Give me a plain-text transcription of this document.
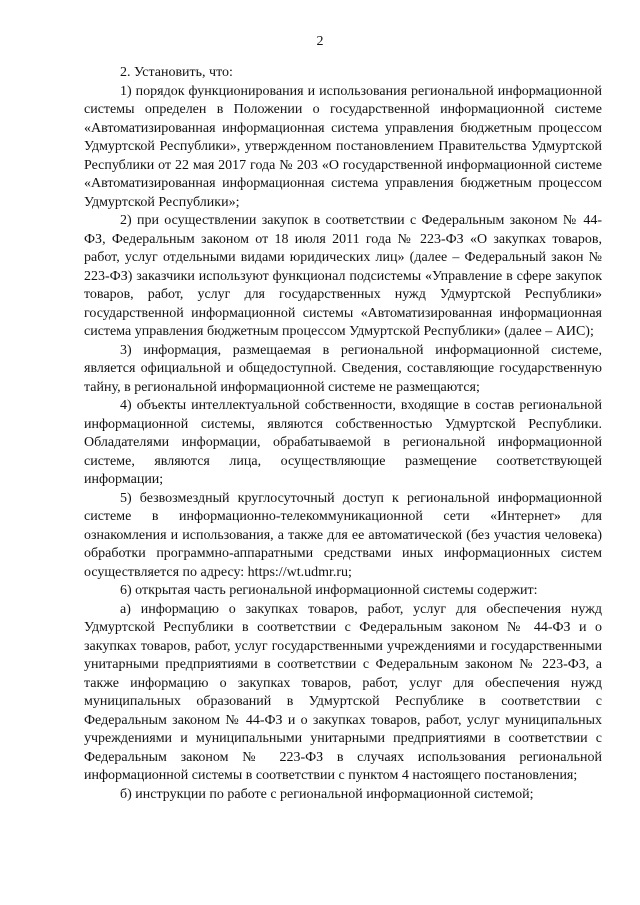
2

2. Установить, что:

1) порядок функционирования и использования региональной информационной системы определен в Положении о государственной информационной системе «Автоматизированная информационная система управления бюджетным процессом Удмуртской Республики», утвержденном постановлением Правительства Удмуртской Республики от 22 мая 2017 года № 203 «О государственной информационной системе «Автоматизированная информационная система управления бюджетным процессом Удмуртской Республики»;

2) при осуществлении закупок в соответствии с Федеральным законом № 44-ФЗ, Федеральным законом от 18 июля 2011 года № 223-ФЗ «О закупках товаров, работ, услуг отдельными видами юридических лиц» (далее – Федеральный закон № 223-ФЗ) заказчики используют функционал подсистемы «Управление в сфере закупок товаров, работ, услуг для государственных нужд Удмуртской Республики» государственной информационной системы «Автоматизированная информационная система управления бюджетным процессом Удмуртской Республики» (далее – АИС);

3) информация, размещаемая в региональной информационной системе, является официальной и общедоступной. Сведения, составляющие государственную тайну, в региональной информационной системе не размещаются;

4) объекты интеллектуальной собственности, входящие в состав региональной информационной системы, являются собственностью Удмуртской Республики. Обладателями информации, обрабатываемой в региональной информационной системе, являются лица, осуществляющие размещение соответствующей информации;

5) безвозмездный круглосуточный доступ к региональной информационной системе в информационно-телекоммуникационной сети «Интернет» для ознакомления и использования, а также для ее автоматической (без участия человека) обработки программно-аппаратными средствами иных информационных систем осуществляется по адресу: https://wt.udmr.ru;

6) открытая часть региональной информационной системы содержит:

а) информацию о закупках товаров, работ, услуг для обеспечения нужд Удмуртской Республики в соответствии с Федеральным законом № 44-ФЗ и о закупках товаров, работ, услуг государственными учреждениями и государственными унитарными предприятиями в соответствии с Федеральным законом № 223-ФЗ, а также информацию о закупках товаров, работ, услуг для обеспечения нужд муниципальных образований в Удмуртской Республике в соответствии с Федеральным законом № 44-ФЗ и о закупках товаров, работ, услуг муниципальных учреждениями и муниципальными унитарными предприятиями в соответствии с Федеральным законом № 223-ФЗ в случаях использования региональной информационной системы в соответствии с пунктом 4 настоящего постановления;

б) инструкции по работе с региональной информационной системой;
